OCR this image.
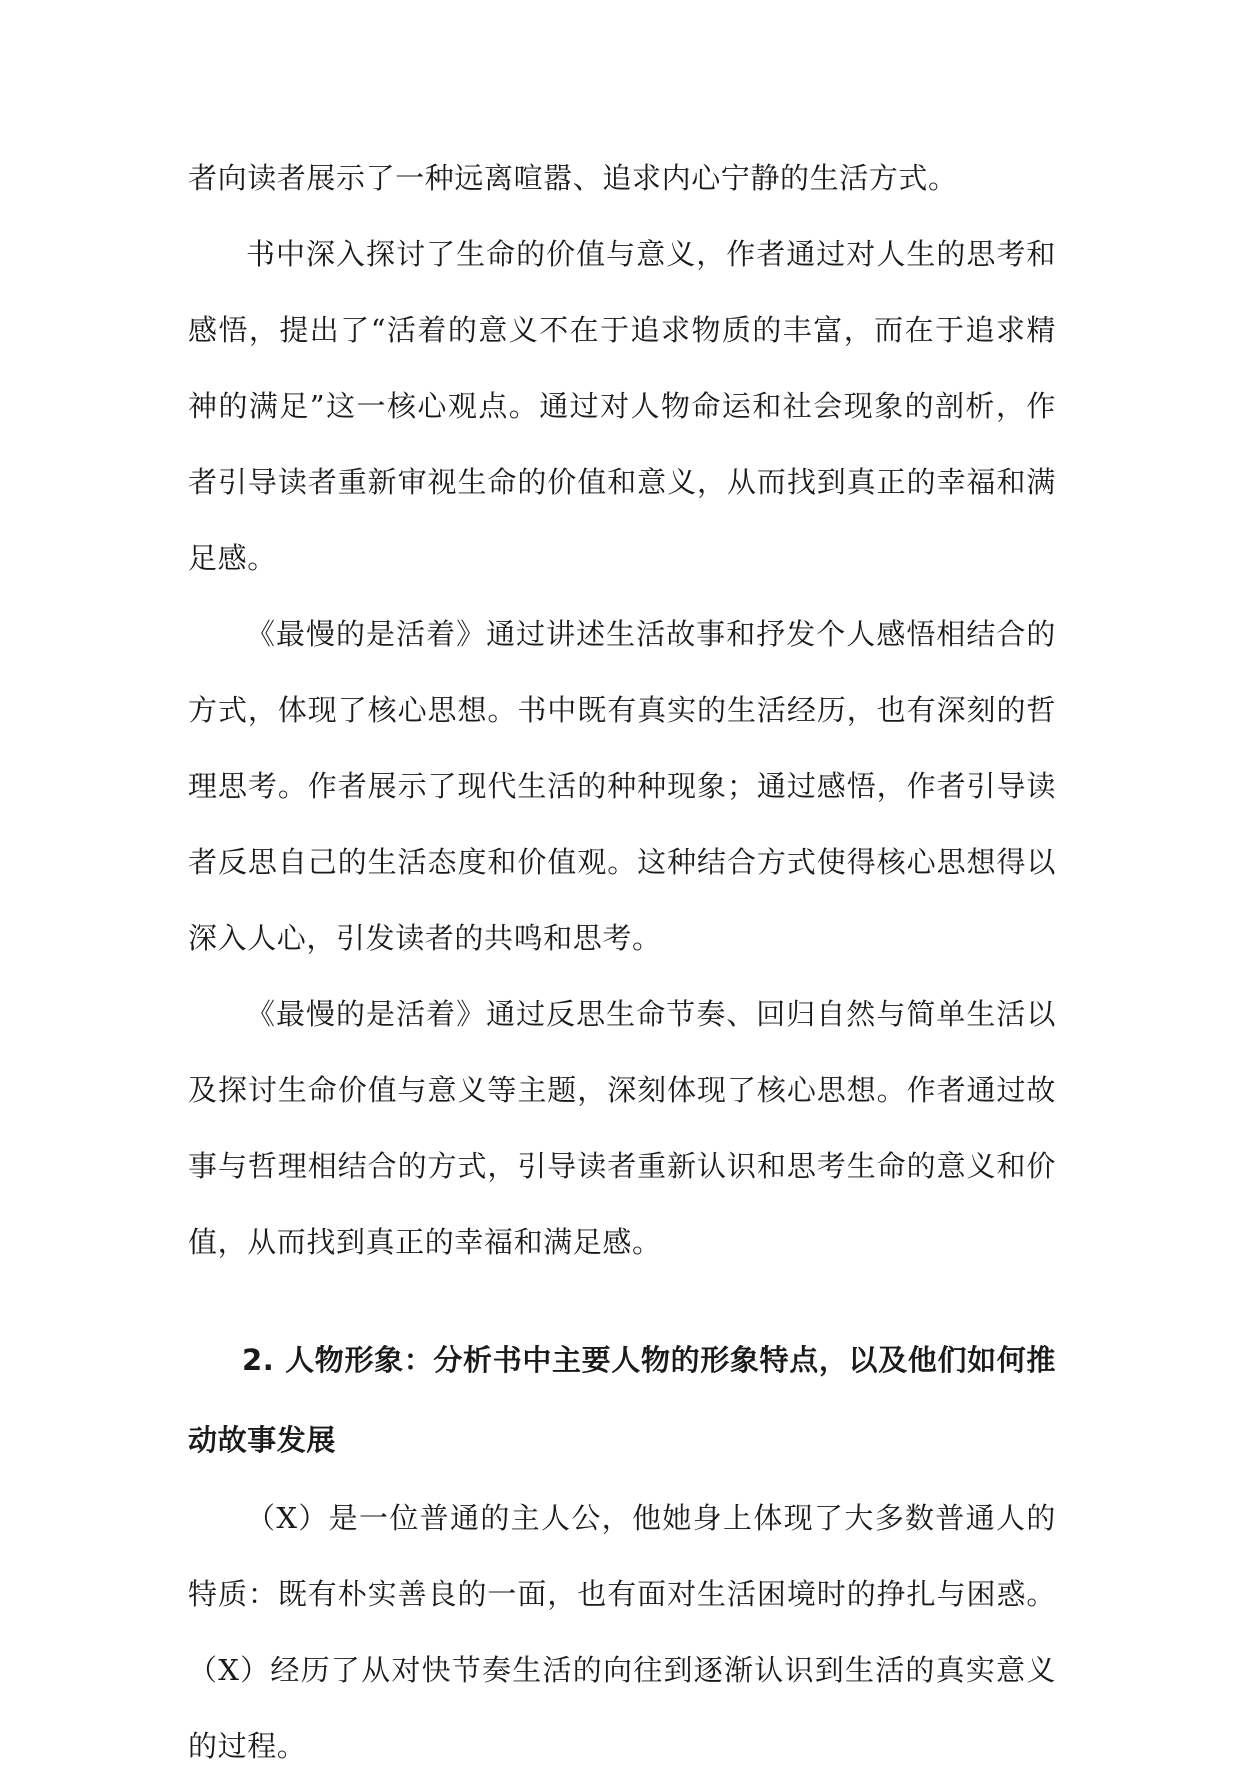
者向读者展示了一种远离喧嚣、追求内心宁静的生活方式。

书中深入探讨了生命的价值与意义，作者通过对人生的思考和感悟，提出了“活着的意义不在于追求物质的丰富，而在于追求精神的满足”这一核心观点。通过对人物命运和社会现象的剖析，作者引导读者重新审视生命的价值和意义，从而找到真正的幸福和满足感。

《最慢的是活着》通过讲述生活故事和抒发个人感悟相结合的方式，体现了核心思想。书中既有真实的生活经历，也有深刻的哲理思考。作者展示了现代生活的种种现象；通过感悟，作者引导读者反思自己的生活态度和价值观。这种结合方式使得核心思想得以深入人心，引发读者的共鸣和思考。

《最慢的是活着》通过反思生命节奏、回归自然与简单生活以及探讨生命价值与意义等主题，深刻体现了核心思想。作者通过故事与哲理相结合的方式，引导读者重新认识和思考生命的意义和价值，从而找到真正的幸福和满足感。

2. 人物形象：分析书中主要人物的形象特点，以及他们如何推动故事发展

（X）是一位普通的主人公，他她身上体现了大多数普通人的特质：既有朴实善良的一面，也有面对生活困境时的挣扎与困惑。（X）经历了从对快节奏生活的向往到逐渐认识到生活的真实意义的过程。
